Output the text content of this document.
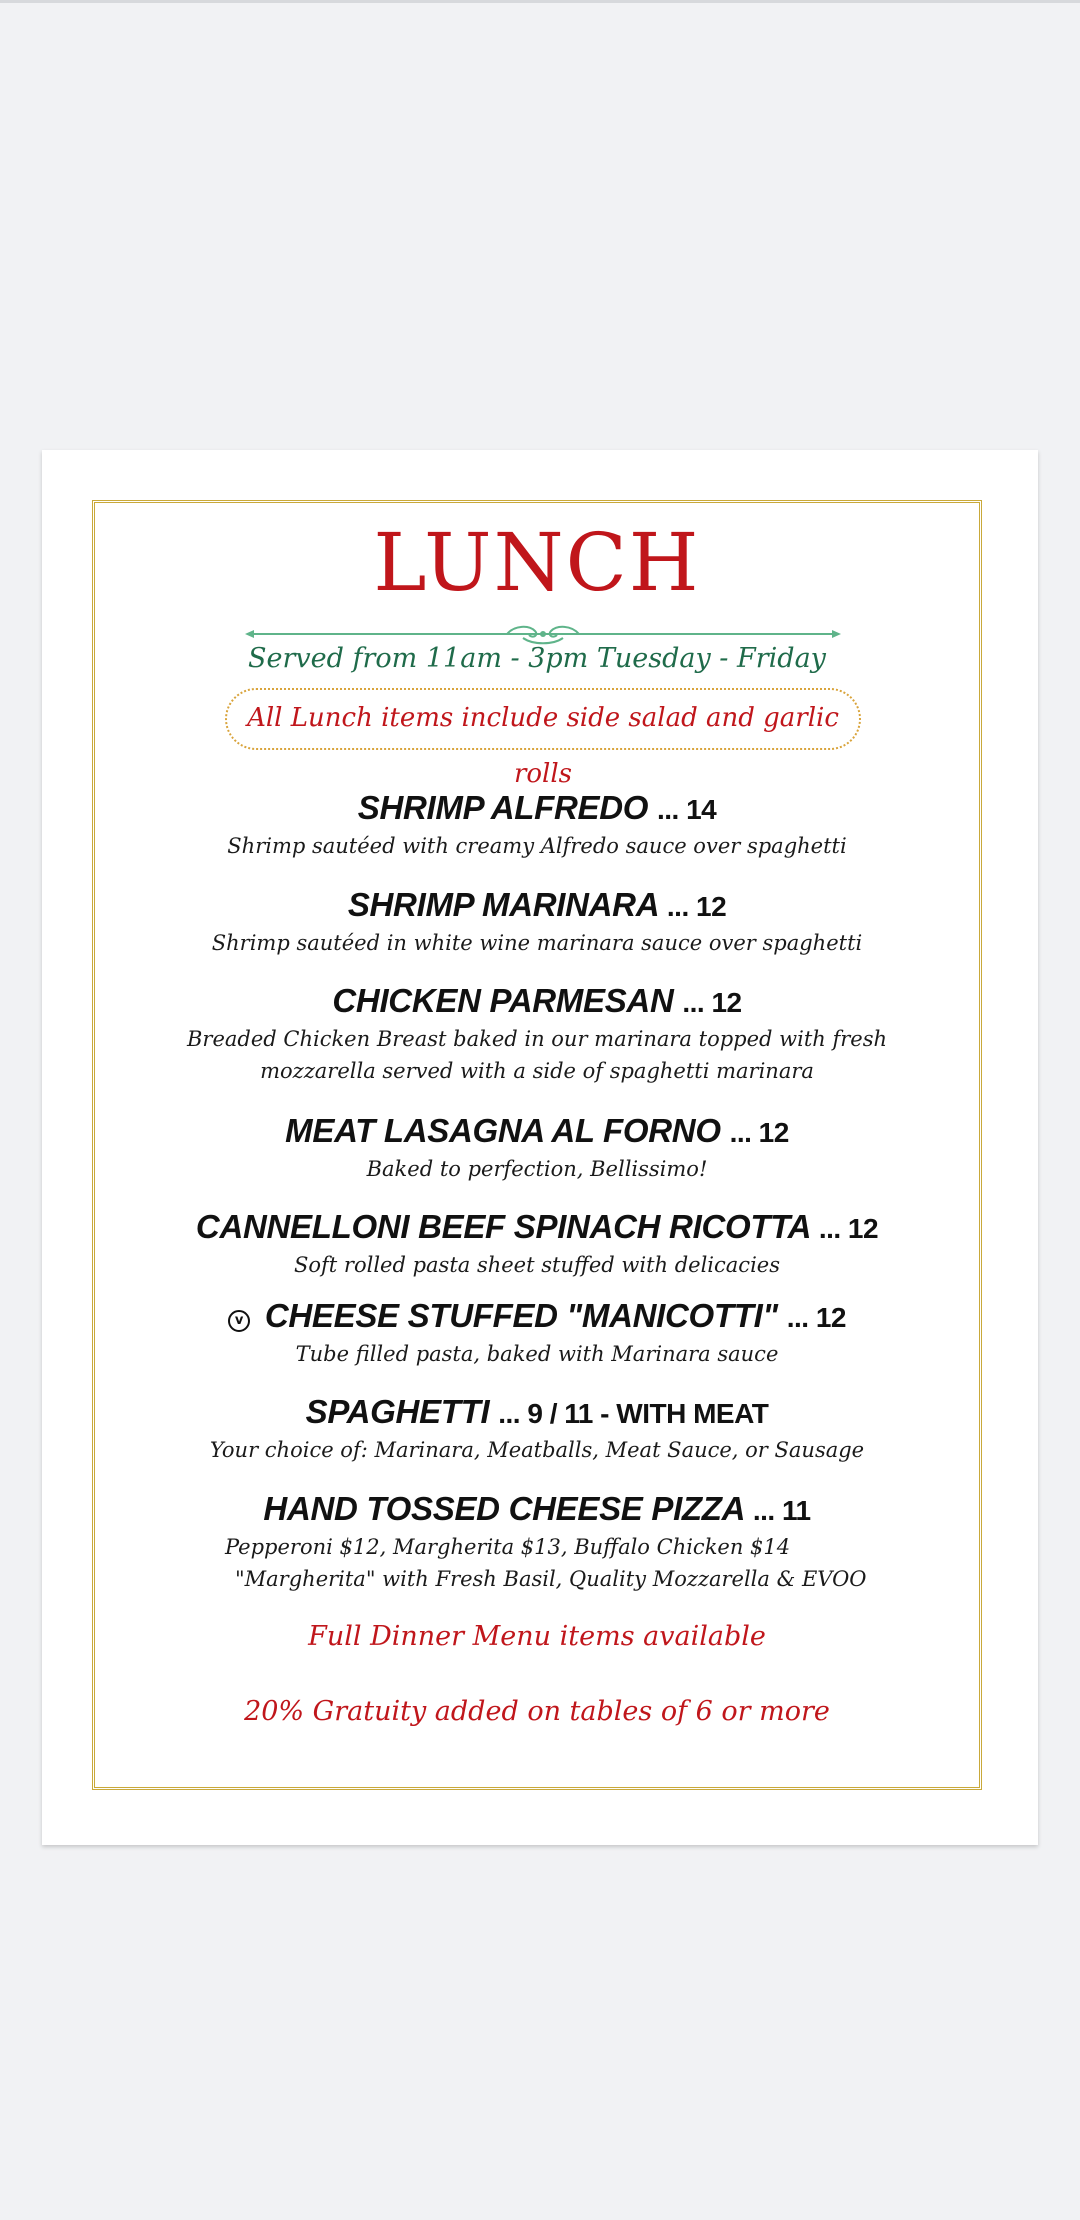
LUNCH
Served from 11am - 3pm Tuesday - Friday
All Lunch items include side salad and garlic rolls
SHRIMP ALFREDO ... 14
Shrimp sautéed with creamy Alfredo sauce over spaghetti
SHRIMP MARINARA ... 12
Shrimp sautéed in white wine marinara sauce over spaghetti
CHICKEN PARMESAN ... 12
Breaded Chicken Breast baked in our marinara topped with fresh
mozzarella served with a side of spaghetti marinara
MEAT LASAGNA AL FORNO ... 12
Baked to perfection, Bellissimo!
CANNELLONI BEEF SPINACH RICOTTA ... 12
Soft rolled pasta sheet stuffed with delicacies
v CHEESE STUFFED "MANICOTTI" ... 12
Tube filled pasta, baked with Marinara sauce
SPAGHETTI ... 9 / 11 - WITH MEAT
Your choice of: Marinara, Meatballs, Meat Sauce, or Sausage
HAND TOSSED CHEESE PIZZA ... 11
Pepperoni $12, Margherita $13, Buffalo Chicken $14
"Margherita" with Fresh Basil, Quality Mozzarella & EVOO
Full Dinner Menu items available
20% Gratuity added on tables of 6 or more
